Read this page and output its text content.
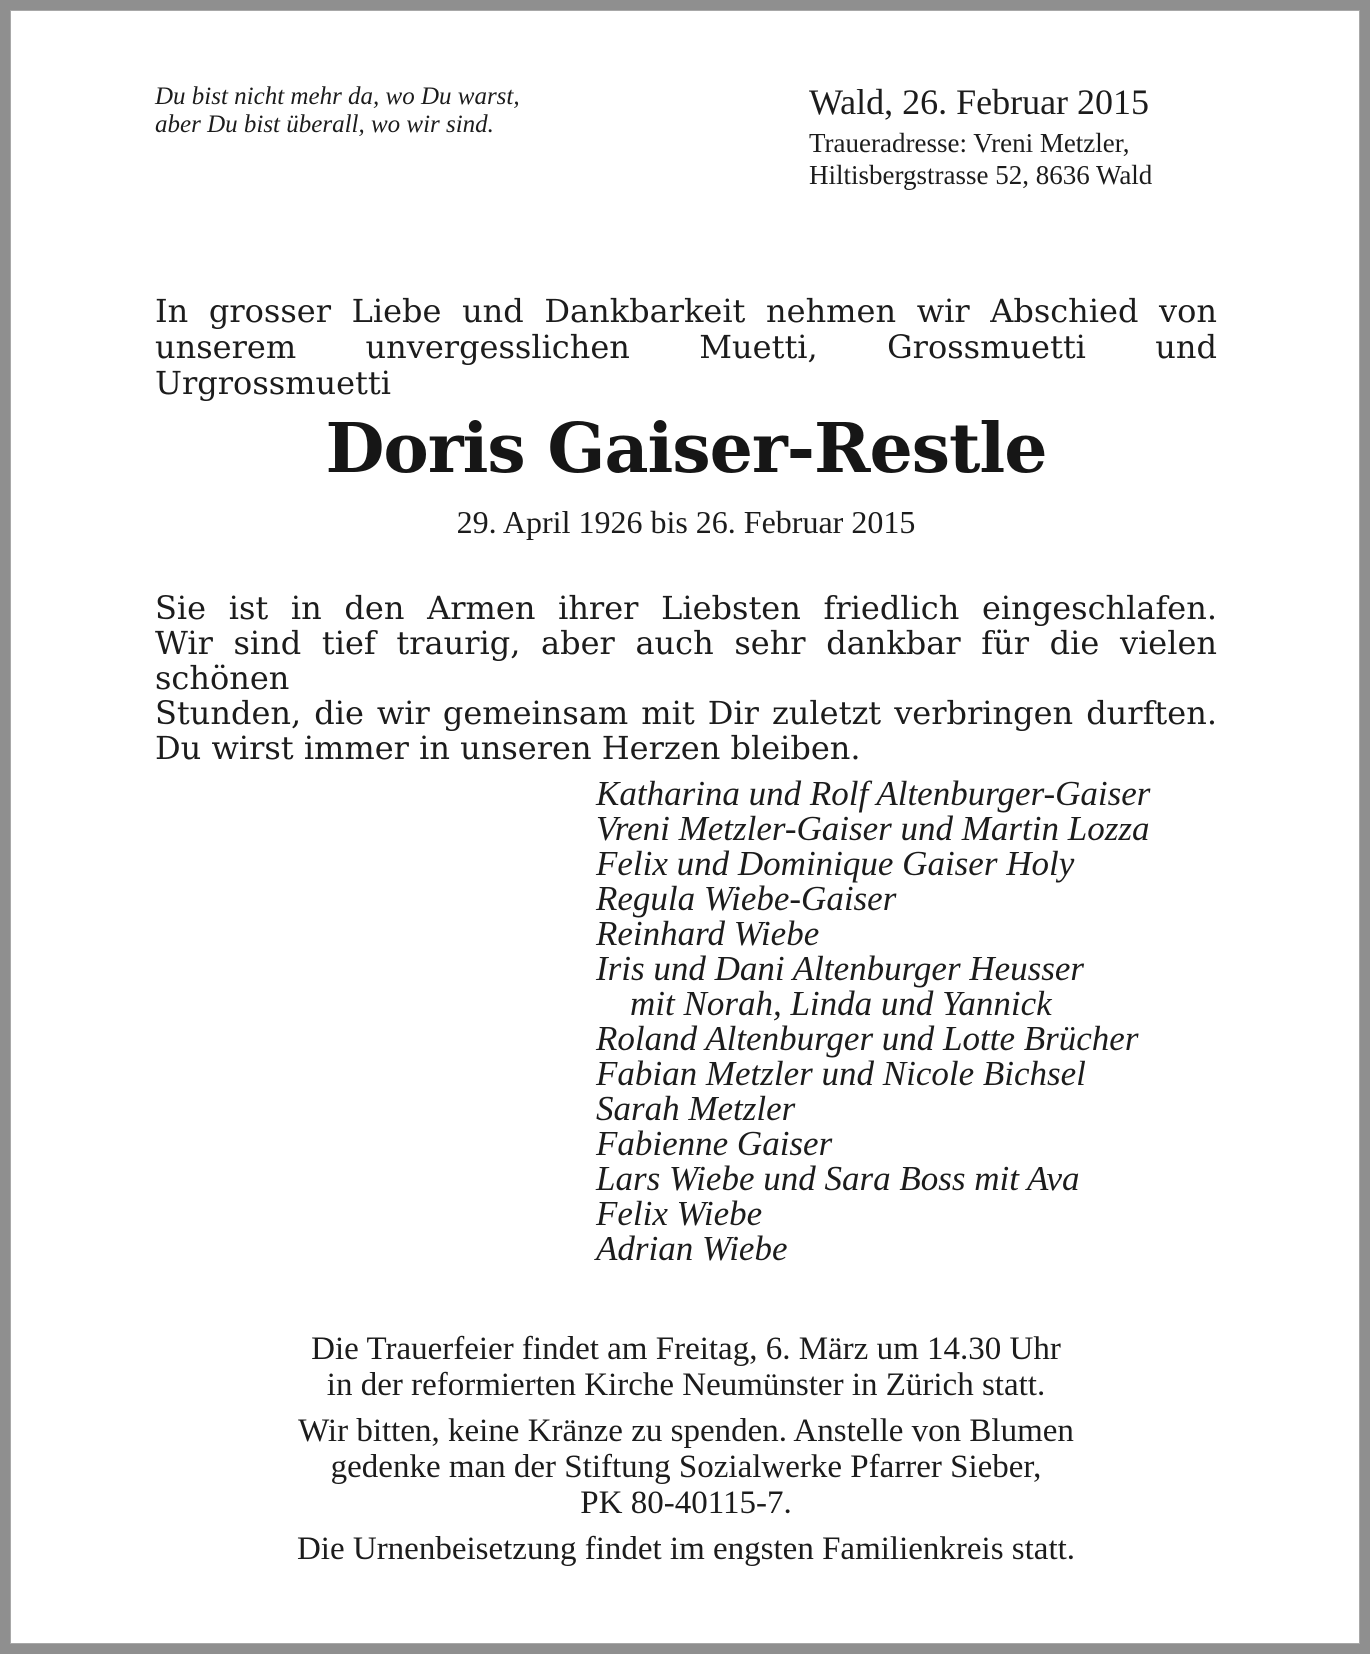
Du bist nicht mehr da, wo Du warst,
aber Du bist überall, wo wir sind.
Wald, 26. Februar 2015
Traueradresse: Vreni Metzler,
Hiltisbergstrasse 52, 8636 Wald
In grosser Liebe und Dankbarkeit nehmen wir Abschied von
unserem unvergesslichen Muetti, Grossmuetti und Urgrossmuetti
Doris Gaiser-Restle
29. April 1926 bis 26. Februar 2015
Sie ist in den Armen ihrer Liebsten friedlich eingeschlafen.
Wir sind tief traurig, aber auch sehr dankbar für die vielen schönen
Stunden, die wir gemeinsam mit Dir zuletzt verbringen durften.
Du wirst immer in unseren Herzen bleiben.
Katharina und Rolf Altenburger-Gaiser
Vreni Metzler-Gaiser und Martin Lozza
Felix und Dominique Gaiser Holy
Regula Wiebe-Gaiser
Reinhard Wiebe
Iris und Dani Altenburger Heusser
mit Norah, Linda und Yannick
Roland Altenburger und Lotte Brücher
Fabian Metzler und Nicole Bichsel
Sarah Metzler
Fabienne Gaiser
Lars Wiebe und Sara Boss mit Ava
Felix Wiebe
Adrian Wiebe
Die Trauerfeier findet am Freitag, 6. März um 14.30 Uhr
in der reformierten Kirche Neumünster in Zürich statt.
Wir bitten, keine Kränze zu spenden. Anstelle von Blumen
gedenke man der Stiftung Sozialwerke Pfarrer Sieber,
PK 80-40115-7.
Die Urnenbeisetzung findet im engsten Familienkreis statt.
